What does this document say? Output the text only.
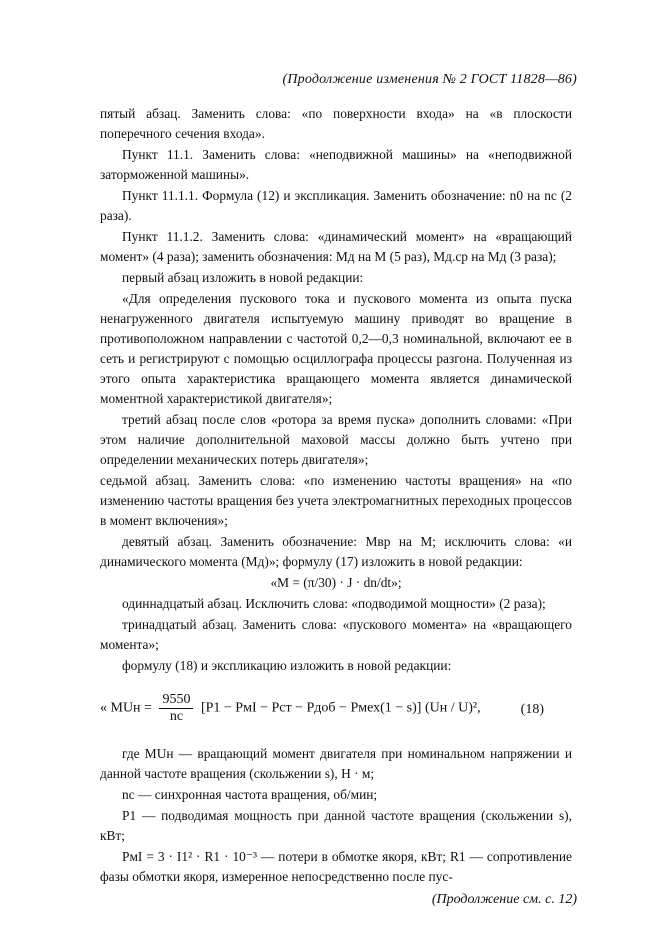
(Продолжение изменения № 2 ГОСТ 11828—86)

пятый абзац. Заменить слова: «по поверхности входа» на «в плоскости поперечного сечения входа».

Пункт 11.1. Заменить слова: «неподвижной машины» на «неподвижной заторможенной машины».

Пункт 11.1.1. Формула (12) и экспликация. Заменить обозначение: n0 на nс (2 раза).

Пункт 11.1.2. Заменить слова: «динамический момент» на «вращающий момент» (4 раза); заменить обозначения: Mд на M (5 раз), Mд.ср на Mд (3 раза);

первый абзац изложить в новой редакции:

«Для определения пускового тока и пускового момента из опыта пуска ненагруженного двигателя испытуемую машину приводят во вращение в противоположном направлении с частотой 0,2—0,3 номинальной, включают ее в сеть и регистрируют с помощью осциллографа процессы разгона. Полученная из этого опыта характеристика вращающего момента является динамической моментной характеристикой двигателя»;

третий абзац после слов «ротора за время пуска» дополнить словами: «При этом наличие дополнительной маховой массы должно быть учтено при определении механических потерь двигателя»;

седьмой абзац. Заменить слова: «по изменению частоты вращения» на «по изменению частоты вращения без учета электромагнитных переходных процессов в момент включения»;

девятый абзац. Заменить обозначение: Mвр на M; исключить слова: «и динамического момента (Mд)»; формулу (17) изложить в новой редакции:

«M = (π/30) · J · dn/dt»;

одиннадцатый абзац. Исключить слова: «подводимой мощности» (2 раза);

тринадцатый абзац. Заменить слова: «пускового момента» на «вращающего момента»;

формулу (18) и экспликацию изложить в новой редакции:

« MUн = $\frac{9550}{nс} [P1$ − PмI − Pст − Pдоб − Pмех(1 − s)] (Uн / U)²,	(18)

где MUн — вращающий момент двигателя при номинальном напряжении и данной частоте вращения (скольжении s), Н · м;

nс — синхронная частота вращения, об/мин;

P1 — подводимая мощность при данной частоте вращения (скольжении s), кВт;

PмI = 3 · I1² · R1 · 10⁻³ — потери в обмотке якоря, кВт; R1 — сопротивление фазы обмотки якоря, измеренное непосредственно после пус-

(Продолжение см. с. 12)
